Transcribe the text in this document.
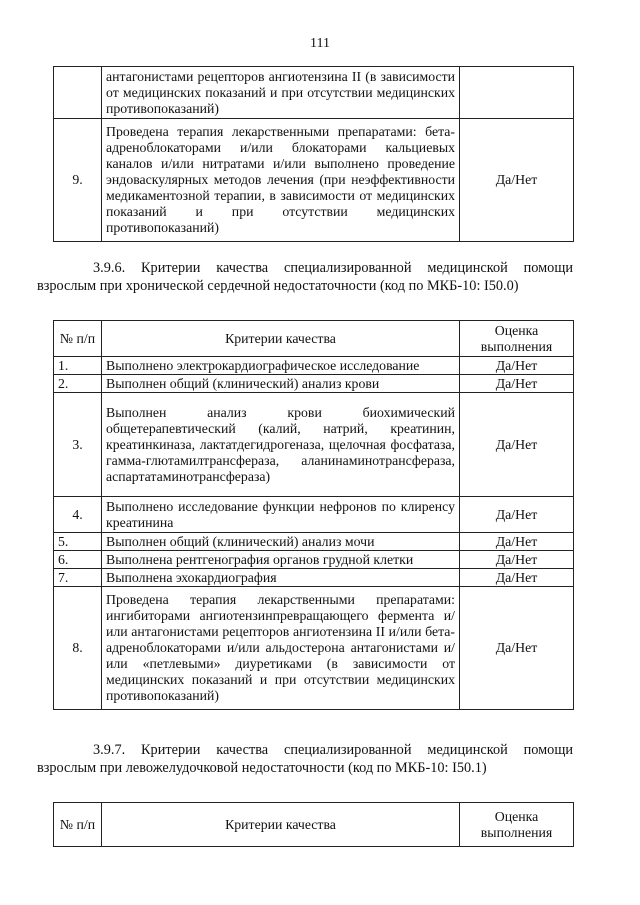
111
	антагонистами рецепторов ангиотензина II (в зависимости от медицинских показаний и при отсутствии медицинских противопоказаний)	
9.	Проведена терапия лекарственными препаратами: бета-адреноблокаторами и/или блокаторами кальциевых каналов и/или нитратами и/или выполнено проведение эндоваскулярных методов лечения (при неэффективности медикаментозной терапии, в зависимости от медицинских показаний и при отсутствии медицинских противопоказаний)	Да/Нет
3.9.6. Критерии качества специализированной медицинской помощи взрослым при хронической сердечной недостаточности (код по МКБ-10: I50.0)
№ п/п	Критерии качества	Оценка выполнения
1.	Выполнено электрокардиографическое исследование	Да/Нет
2.	Выполнен общий (клинический) анализ крови	Да/Нет
3.	Выполнен анализ крови биохимический общетерапевтический (калий, натрий, креатинин, креатинкиназа, лактатдегидрогеназа, щелочная фосфатаза, гамма-глютамилтрансфераза, аланинаминотрансфераза, аспартатаминотрансфераза)	Да/Нет
4.	Выполнено исследование функции нефронов по клиренсу креатинина	Да/Нет
5.	Выполнен общий (клинический) анализ мочи	Да/Нет
6.	Выполнена рентгенография органов грудной клетки	Да/Нет
7.	Выполнена эхокардиография	Да/Нет
8.	Проведена терапия лекарственными препаратами: ингибиторами ангиотензинпревращающего фермента и/или антагонистами рецепторов ангиотензина II и/или бета-адреноблокаторами и/или альдостерона антагонистами и/или «петлевыми» диуретиками (в зависимости от медицинских показаний и при отсутствии медицинских противопоказаний)	Да/Нет
3.9.7. Критерии качества специализированной медицинской помощи взрослым при левожелудочковой недостаточности (код по МКБ-10: I50.1)
№ п/п	Критерии качества	Оценка выполнения
